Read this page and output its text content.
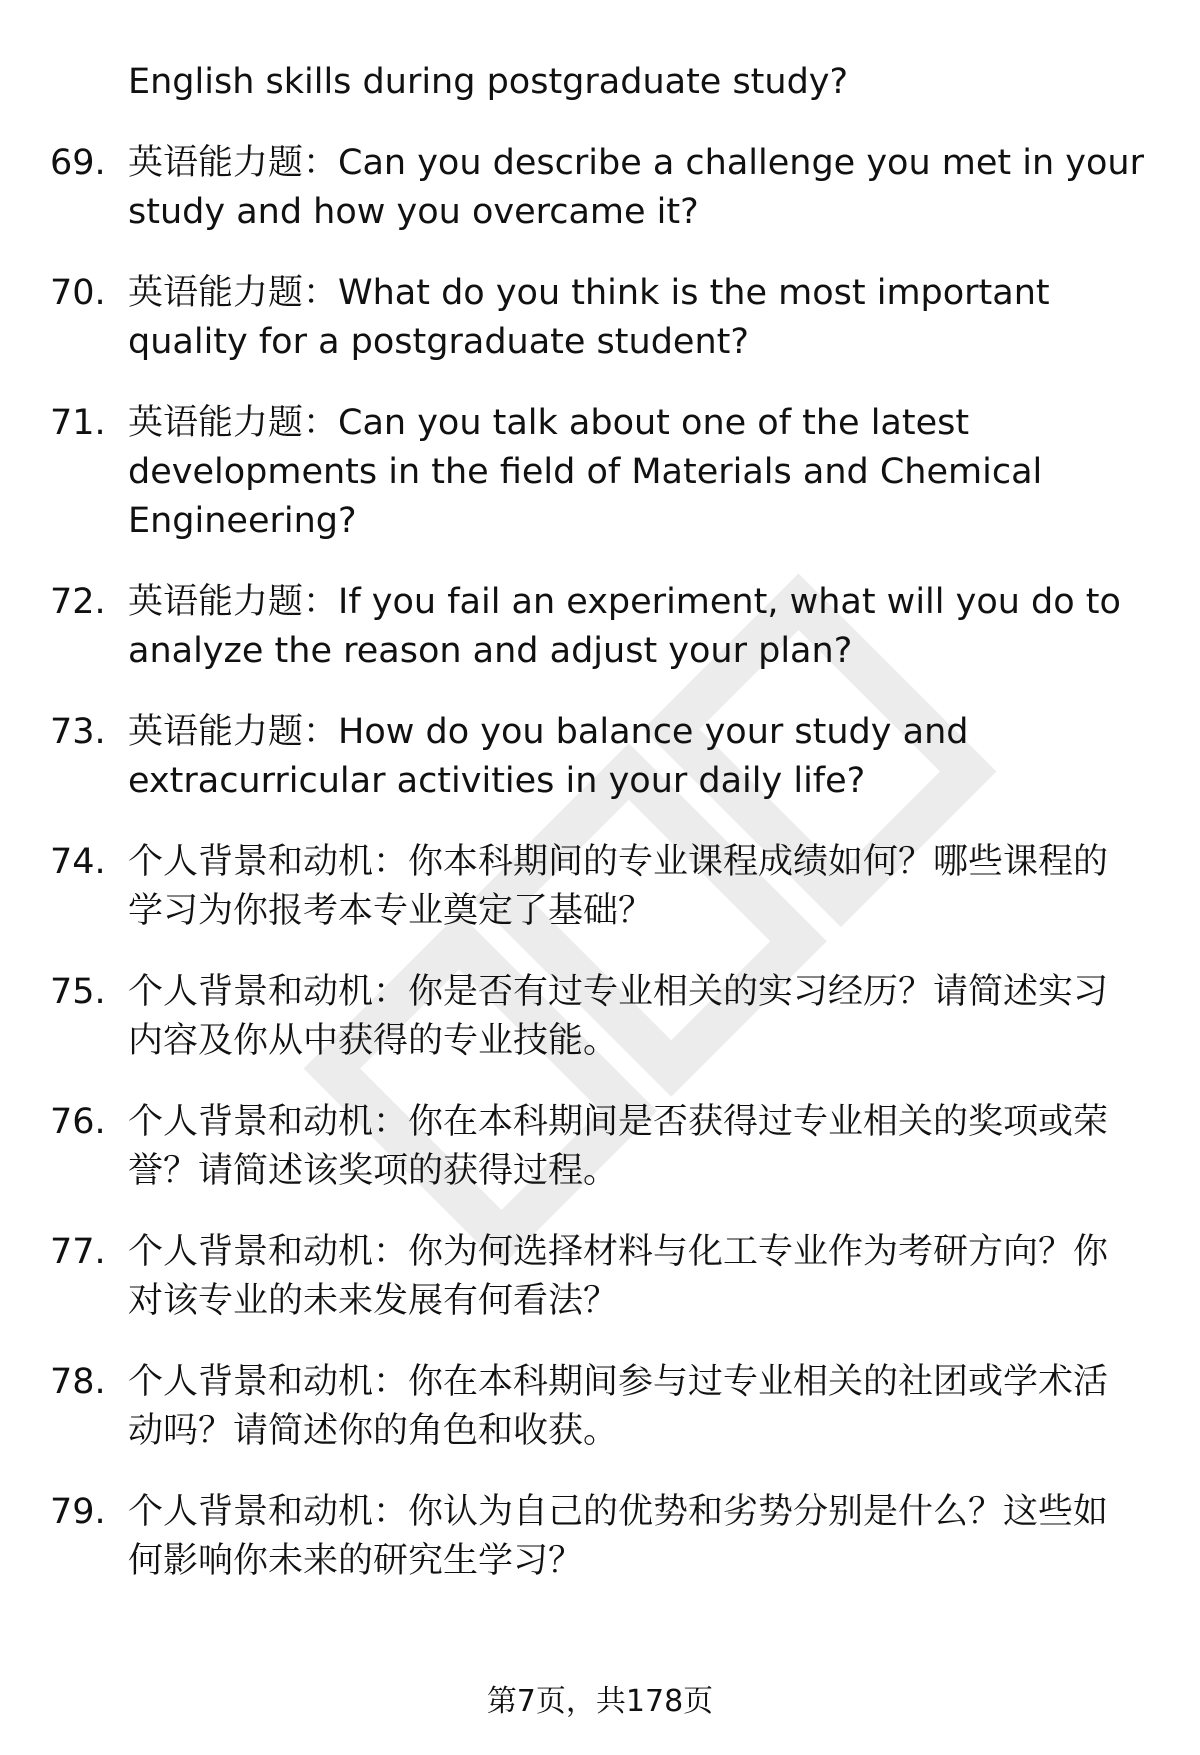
English skills during postgraduate study?
69. 英语能力题：Can you describe a challenge you met in your
study and how you overcame it?
70. 英语能力题：What do you think is the most important
quality for a postgraduate student?
71. 英语能力题：Can you talk about one of the latest
developments in the field of Materials and Chemical
Engineering?
72. 英语能力题：If you fail an experiment, what will you do to
analyze the reason and adjust your plan?
73. 英语能力题：How do you balance your study and
extracurricular activities in your daily life?
74. 个人背景和动机：你本科期间的专业课程成绩如何？哪些课程的
学习为你报考本专业奠定了基础？
75. 个人背景和动机：你是否有过专业相关的实习经历？请简述实习
内容及你从中获得的专业技能。
76. 个人背景和动机：你在本科期间是否获得过专业相关的奖项或荣
誉？请简述该奖项的获得过程。
77. 个人背景和动机：你为何选择材料与化工专业作为考研方向？你
对该专业的未来发展有何看法？
78. 个人背景和动机：你在本科期间参与过专业相关的社团或学术活
动吗？请简述你的角色和收获。
79. 个人背景和动机：你认为自己的优势和劣势分别是什么？这些如
何影响你未来的研究生学习？
第7页，共178页
